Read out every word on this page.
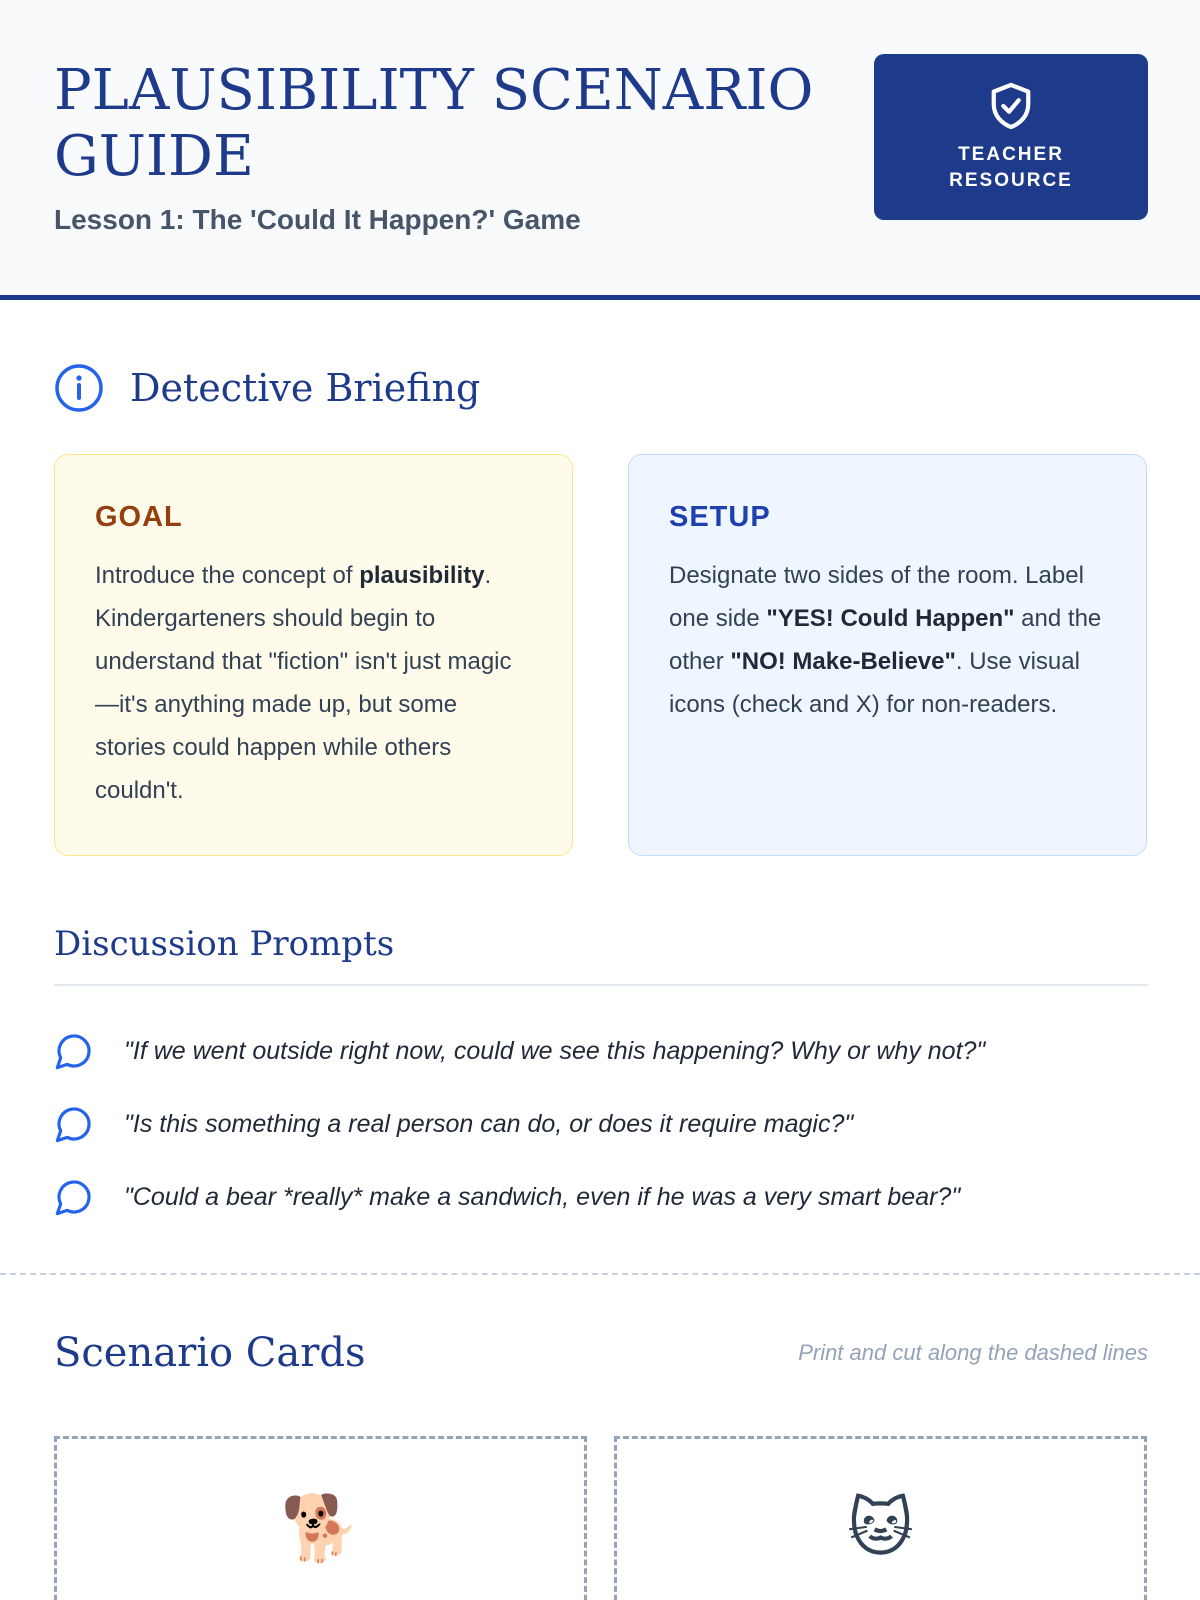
PLAUSIBILITY SCENARIO GUIDE
Lesson 1: The 'Could It Happen?' Game
TEACHER
RESOURCE
Detective Briefing
GOAL
Introduce the concept of plausibility. Kindergarteners should begin to understand that "fiction" isn't just magic—it's anything made up, but some stories could happen while others couldn't.
SETUP
Designate two sides of the room. Label one side "YES! Could Happen" and the other "NO! Make-Believe". Use visual icons (check and X) for non-readers.
Discussion Prompts
"If we went outside right now, could we see this happening? Why or why not?"
"Is this something a real person can do, or does it require magic?"
"Could a bear *really* make a sandwich, even if he was a very smart bear?"
Scenario Cards	Print and cut along the dashed lines
🐕	🐱
